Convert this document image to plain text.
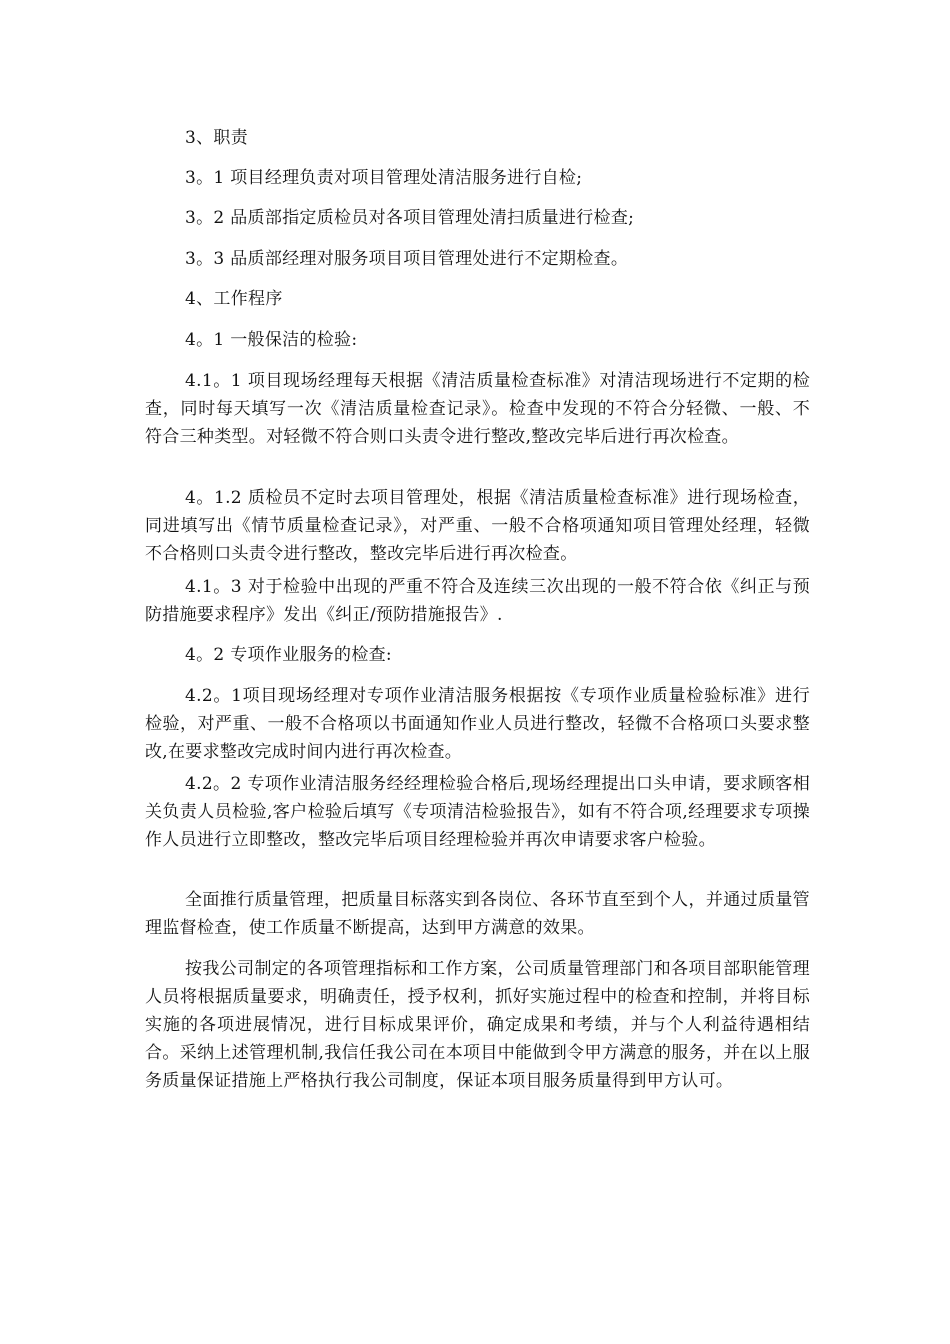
3、职责

3。1 项目经理负责对项目管理处清洁服务进行自检;

3。2 品质部指定质检员对各项目管理处清扫质量进行检查;

3。3 品质部经理对服务项目项目管理处进行不定期检查。

4、工作程序

4。1 一般保洁的检验:

4.1。1 项目现场经理每天根据《清洁质量检查标准》对清洁现场进行不定期的检查，同时每天填写一次《清洁质量检查记录》。检查中发现的不符合分轻微、一般、不符合三种类型。对轻微不符合则口头责令进行整改,整改完毕后进行再次检查。

4。1.2 质检员不定时去项目管理处，根据《清洁质量检查标准》进行现场检查，同进填写出《情节质量检查记录》，对严重、一般不合格项通知项目管理处经理，轻微不合格则口头责令进行整改，整改完毕后进行再次检查。

4.1。3 对于检验中出现的严重不符合及连续三次出现的一般不符合依《纠正与预防措施要求程序》发出《纠正/预防措施报告》.

4。2 专项作业服务的检查:

4.2。1项目现场经理对专项作业清洁服务根据按《专项作业质量检验标准》进行检验，对严重、一般不合格项以书面通知作业人员进行整改，轻微不合格项口头要求整改,在要求整改完成时间内进行再次检查。

4.2。2 专项作业清洁服务经经理检验合格后,现场经理提出口头申请，要求顾客相关负责人员检验,客户检验后填写《专项清洁检验报告》，如有不符合项,经理要求专项操作人员进行立即整改，整改完毕后项目经理检验并再次申请要求客户检验。

全面推行质量管理，把质量目标落实到各岗位、各环节直至到个人，并通过质量管理监督检查，使工作质量不断提高，达到甲方满意的效果。

按我公司制定的各项管理指标和工作方案，公司质量管理部门和各项目部职能管理人员将根据质量要求，明确责任，授予权利，抓好实施过程中的检查和控制，并将目标实施的各项进展情况，进行目标成果评价，确定成果和考绩，并与个人利益待遇相结合。采纳上述管理机制,我信任我公司在本项目中能做到令甲方满意的服务，并在以上服务质量保证措施上严格执行我公司制度，保证本项目服务质量得到甲方认可。
